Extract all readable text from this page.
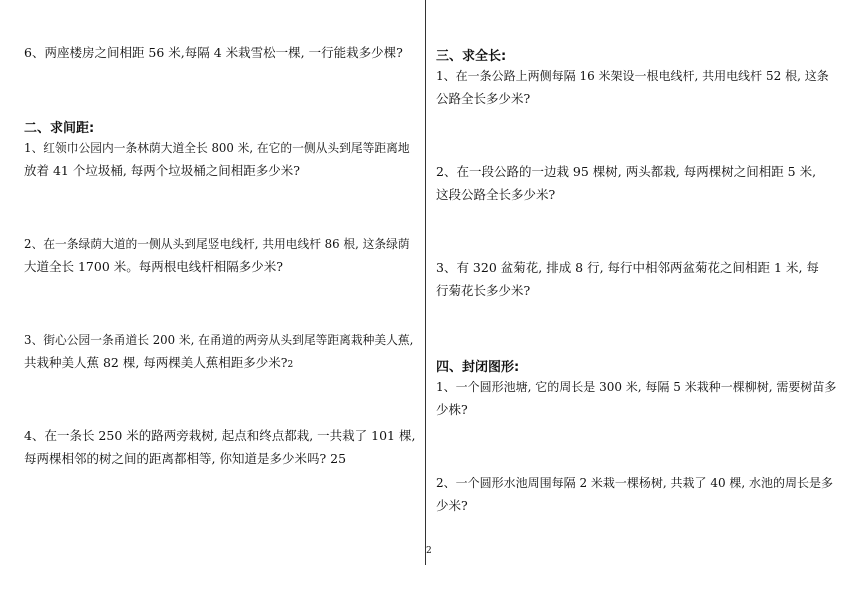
6、两座楼房之间相距 56 米,每隔 4 米栽雪松一棵, 一行能栽多少棵?
二、求间距:
1、红领巾公园内一条林荫大道全长 800 米, 在它的一侧从头到尾等距离地
放着 41 个垃圾桶, 每两个垃圾桶之间相距多少米?
2、在一条绿荫大道的一侧从头到尾竖电线杆, 共用电线杆 86 根, 这条绿荫
大道全长 1700 米。每两根电线杆相隔多少米?
3、街心公园一条甬道长 200 米, 在甬道的两旁从头到尾等距离栽种美人蕉,
共栽种美人蕉 82 棵, 每两棵美人蕉相距多少米?2
4、在一条长 250 米的路两旁栽树, 起点和终点都栽, 一共栽了 101 棵,
每两棵相邻的树之间的距离都相等, 你知道是多少米吗? 25
三、求全长:
1、在一条公路上两侧每隔 16 米架设一根电线杆, 共用电线杆 52 根, 这条
公路全长多少米?
2、在一段公路的一边栽 95 棵树, 两头都栽, 每两棵树之间相距 5 米,
这段公路全长多少米?
3、有 320 盆菊花, 排成 8 行, 每行中相邻两盆菊花之间相距 1 米, 每
行菊花长多少米?
四、封闭图形:
1、一个圆形池塘, 它的周长是 300 米, 每隔 5 米栽种一棵柳树, 需要树苗多
少株?
2、一个圆形水池周围每隔 2 米栽一棵杨树, 共栽了 40 棵, 水池的周长是多
少米?
2
